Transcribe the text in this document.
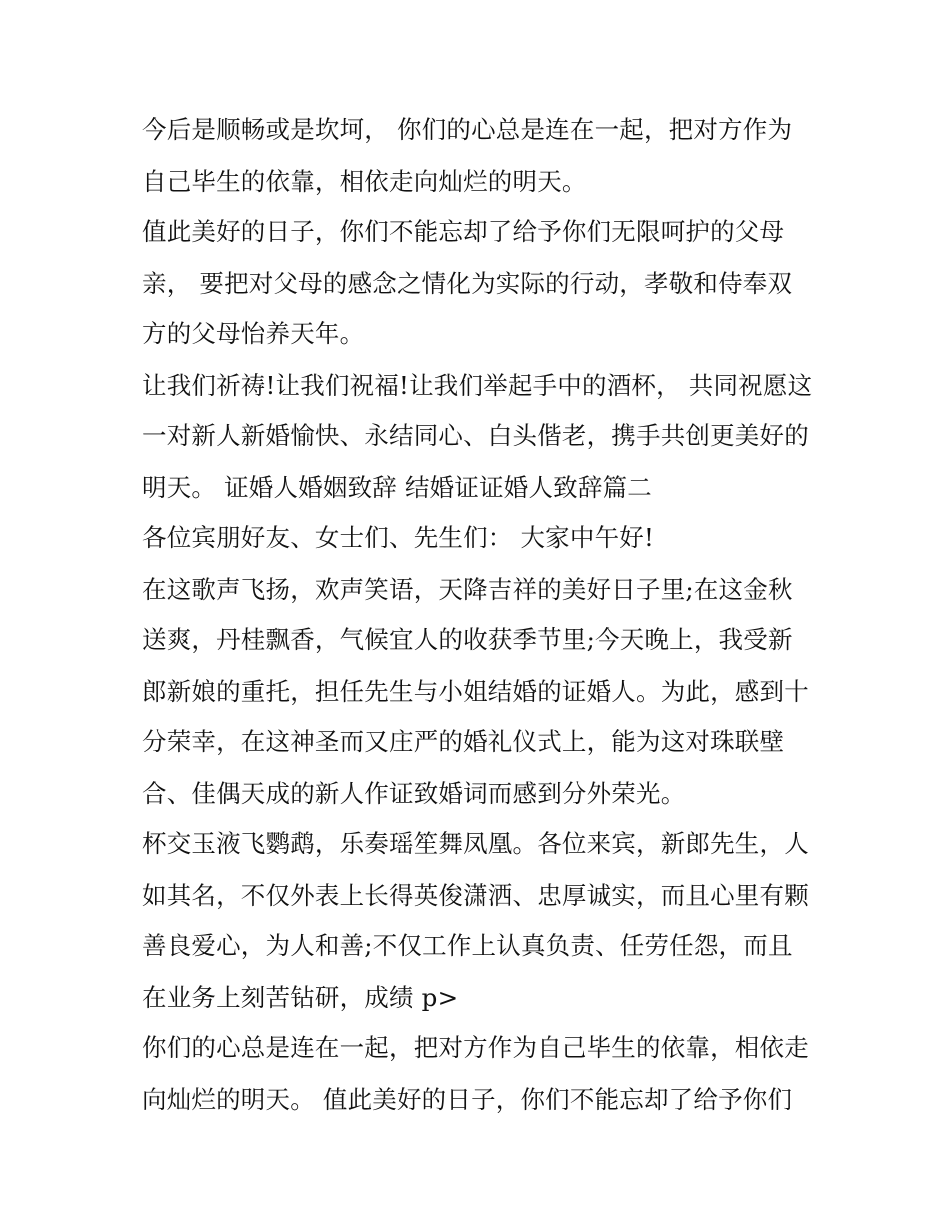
今后是顺畅或是坎坷， 你们的心总是连在一起，把对方作为
自己毕生的依靠，相依走向灿烂的明天。
值此美好的日子，你们不能忘却了给予你们无限呵护的父母
亲， 要把对父母的感念之情化为实际的行动，孝敬和侍奉双
方的父母怡养天年。
让我们祈祷!让我们祝福!让我们举起手中的酒杯， 共同祝愿这
一对新人新婚愉快、永结同心、白头偕老，携手共创更美好的
明天。 证婚人婚姻致辞 结婚证证婚人致辞篇二
各位宾朋好友、女士们、先生们： 大家中午好!
在这歌声飞扬，欢声笑语，天降吉祥的美好日子里;在这金秋
送爽，丹桂飘香，气候宜人的收获季节里;今天晚上，我受新
郎新娘的重托，担任先生与小姐结婚的证婚人。为此，感到十
分荣幸，在这神圣而又庄严的婚礼仪式上，能为这对珠联壁
合、佳偶天成的新人作证致婚词而感到分外荣光。
杯交玉液飞鹦鹉，乐奏瑶笙舞凤凰。各位来宾，新郎先生，人
如其名，不仅外表上长得英俊潇洒、忠厚诚实，而且心里有颗
善良爱心，为人和善;不仅工作上认真负责、任劳任怨，而且
在业务上刻苦钻研，成绩 p>
你们的心总是连在一起，把对方作为自己毕生的依靠，相依走
向灿烂的明天。 值此美好的日子，你们不能忘却了给予你们
